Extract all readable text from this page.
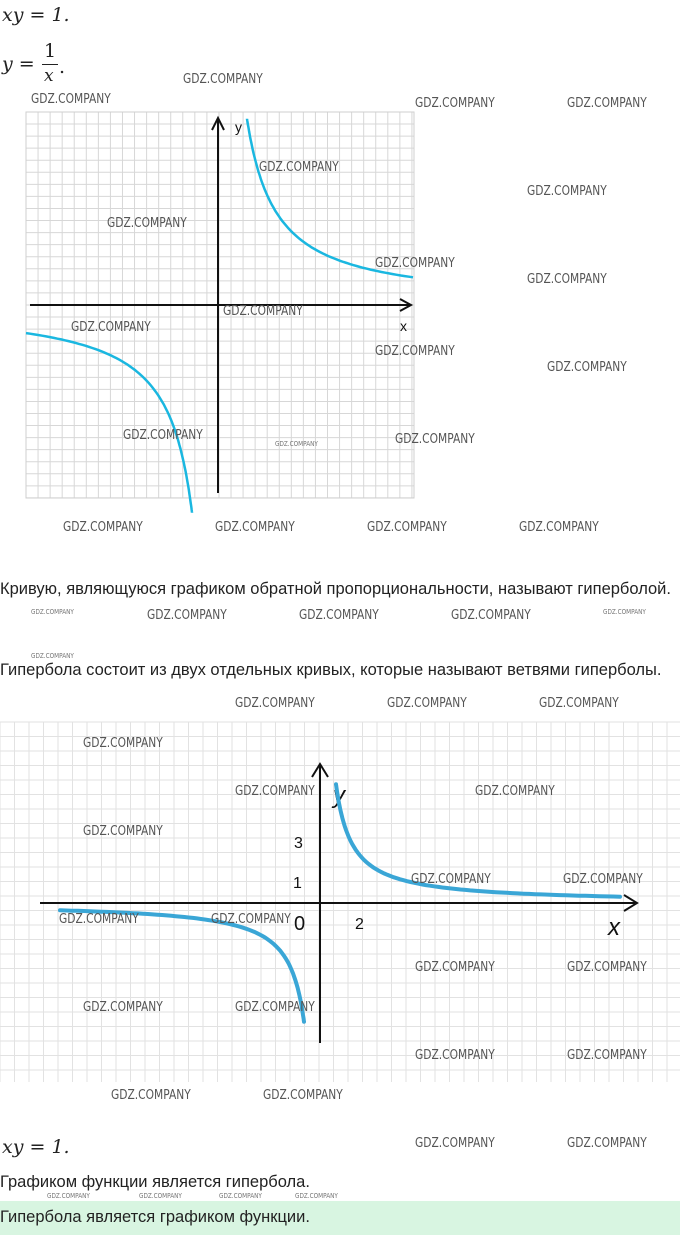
xy = 1.
y =
1
x .
x
y
x
y
0
3
1
2
Кривую, являющуюся графиком обратной пропорциональности, называют гиперболой.
Гипербола состоит из двух отдельных кривых, которые называют ветвями гиперболы.
xy = 1.
Графиком функции является гипербола.
Гипербола является графиком функции.
GDZ.COMPANY
GDZ.COMPANY	GDZ.COMPANY	GDZ.COMPANY
GDZ.COMPANY
GDZ.COMPANY
GDZ.COMPANY
GDZ.COMPANY
GDZ.COMPANY
GDZ.COMPANY
GDZ.COMPANY
GDZ.COMPANY
GDZ.COMPANY
GDZ.COMPANY	GDZ.COMPANY
GDZ.COMPANY
GDZ.COMPANY	GDZ.COMPANY	GDZ.COMPANY	GDZ.COMPANY
GDZ.COMPANY	GDZ.COMPANY	GDZ.COMPANY	GDZ.COMPANY	GDZ.COMPANY
GDZ.COMPANY
GDZ.COMPANY	GDZ.COMPANY	GDZ.COMPANY
GDZ.COMPANY
GDZ.COMPANY	GDZ.COMPANY
GDZ.COMPANY
GDZ.COMPANY	GDZ.COMPANY
GDZ.COMPANY	GDZ.COMPANY
GDZ.COMPANY	GDZ.COMPANY
GDZ.COMPANY	GDZ.COMPANY
GDZ.COMPANY	GDZ.COMPANY
GDZ.COMPANY	GDZ.COMPANY
GDZ.COMPANY	GDZ.COMPANY
GDZ.COMPANY	GDZ.COMPANY	GDZ.COMPANY	GDZ.COMPANY
